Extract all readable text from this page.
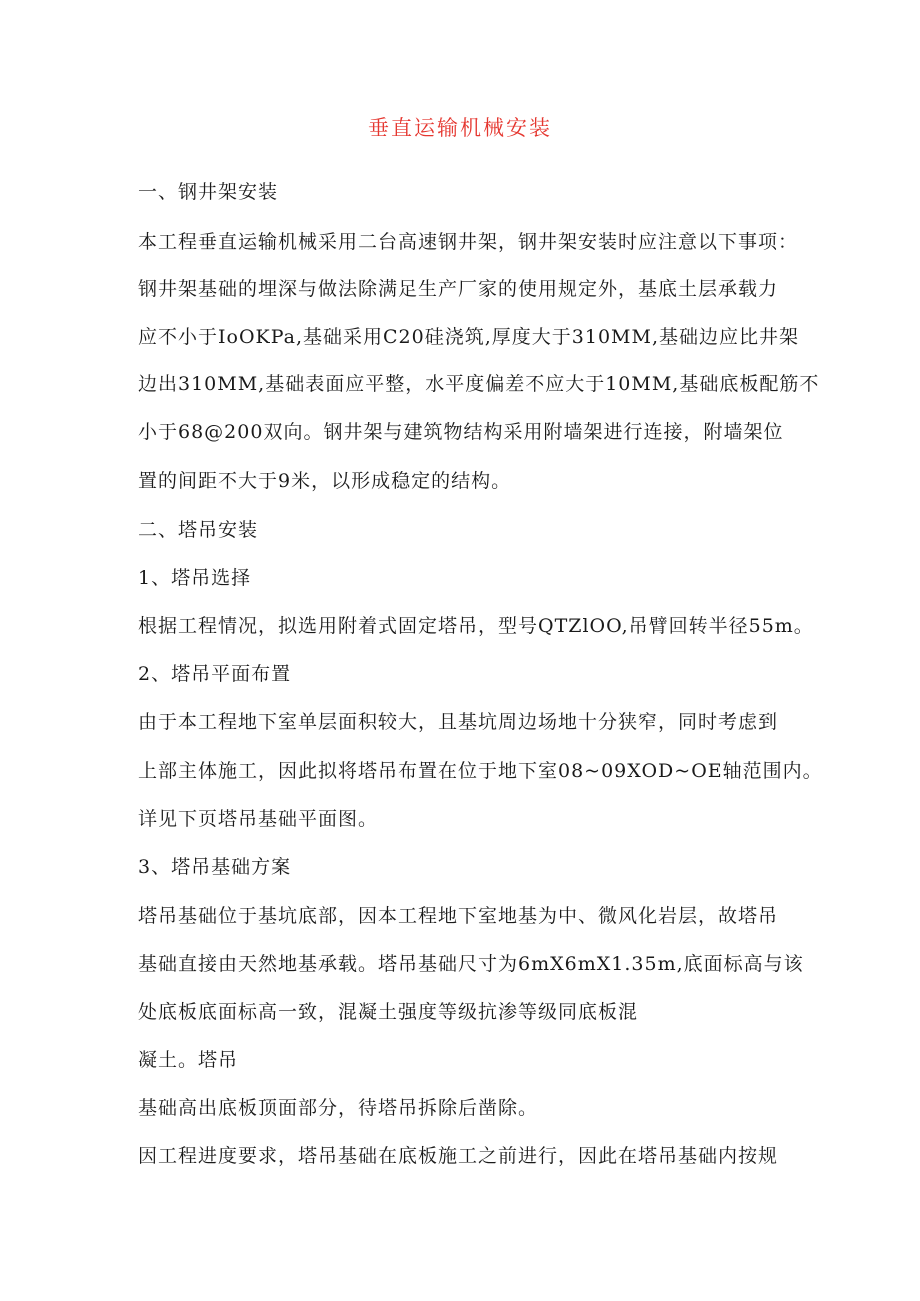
垂直运输机械安装

一、钢井架安装

本工程垂直运输机械采用二台高速钢井架，钢井架安装时应注意以下事项：

钢井架基础的埋深与做法除满足生产厂家的使用规定外，基底土层承载力

应不小于IoOKPa,基础采用C20硅浇筑,厚度大于310MM,基础边应比井架

边出310MM,基础表面应平整，水平度偏差不应大于10MM,基础底板配筋不

小于68@200双向。钢井架与建筑物结构采用附墙架进行连接，附墙架位

置的间距不大于9米，以形成稳定的结构。

二、塔吊安装

1、塔吊选择

根据工程情况，拟选用附着式固定塔吊，型号QTZlOO,吊臂回转半径55m。

2、塔吊平面布置

由于本工程地下室单层面积较大，且基坑周边场地十分狭窄，同时考虑到

上部主体施工，因此拟将塔吊布置在位于地下室08~09XOD~OE轴范围内。

详见下页塔吊基础平面图。

3、塔吊基础方案

塔吊基础位于基坑底部，因本工程地下室地基为中、微风化岩层，故塔吊

基础直接由天然地基承载。塔吊基础尺寸为6mX6mX1.35m,底面标高与该

处底板底面标高一致，混凝土强度等级抗渗等级同底板混

凝土。塔吊

基础高出底板顶面部分，待塔吊拆除后凿除。

因工程进度要求，塔吊基础在底板施工之前进行，因此在塔吊基础内按规
